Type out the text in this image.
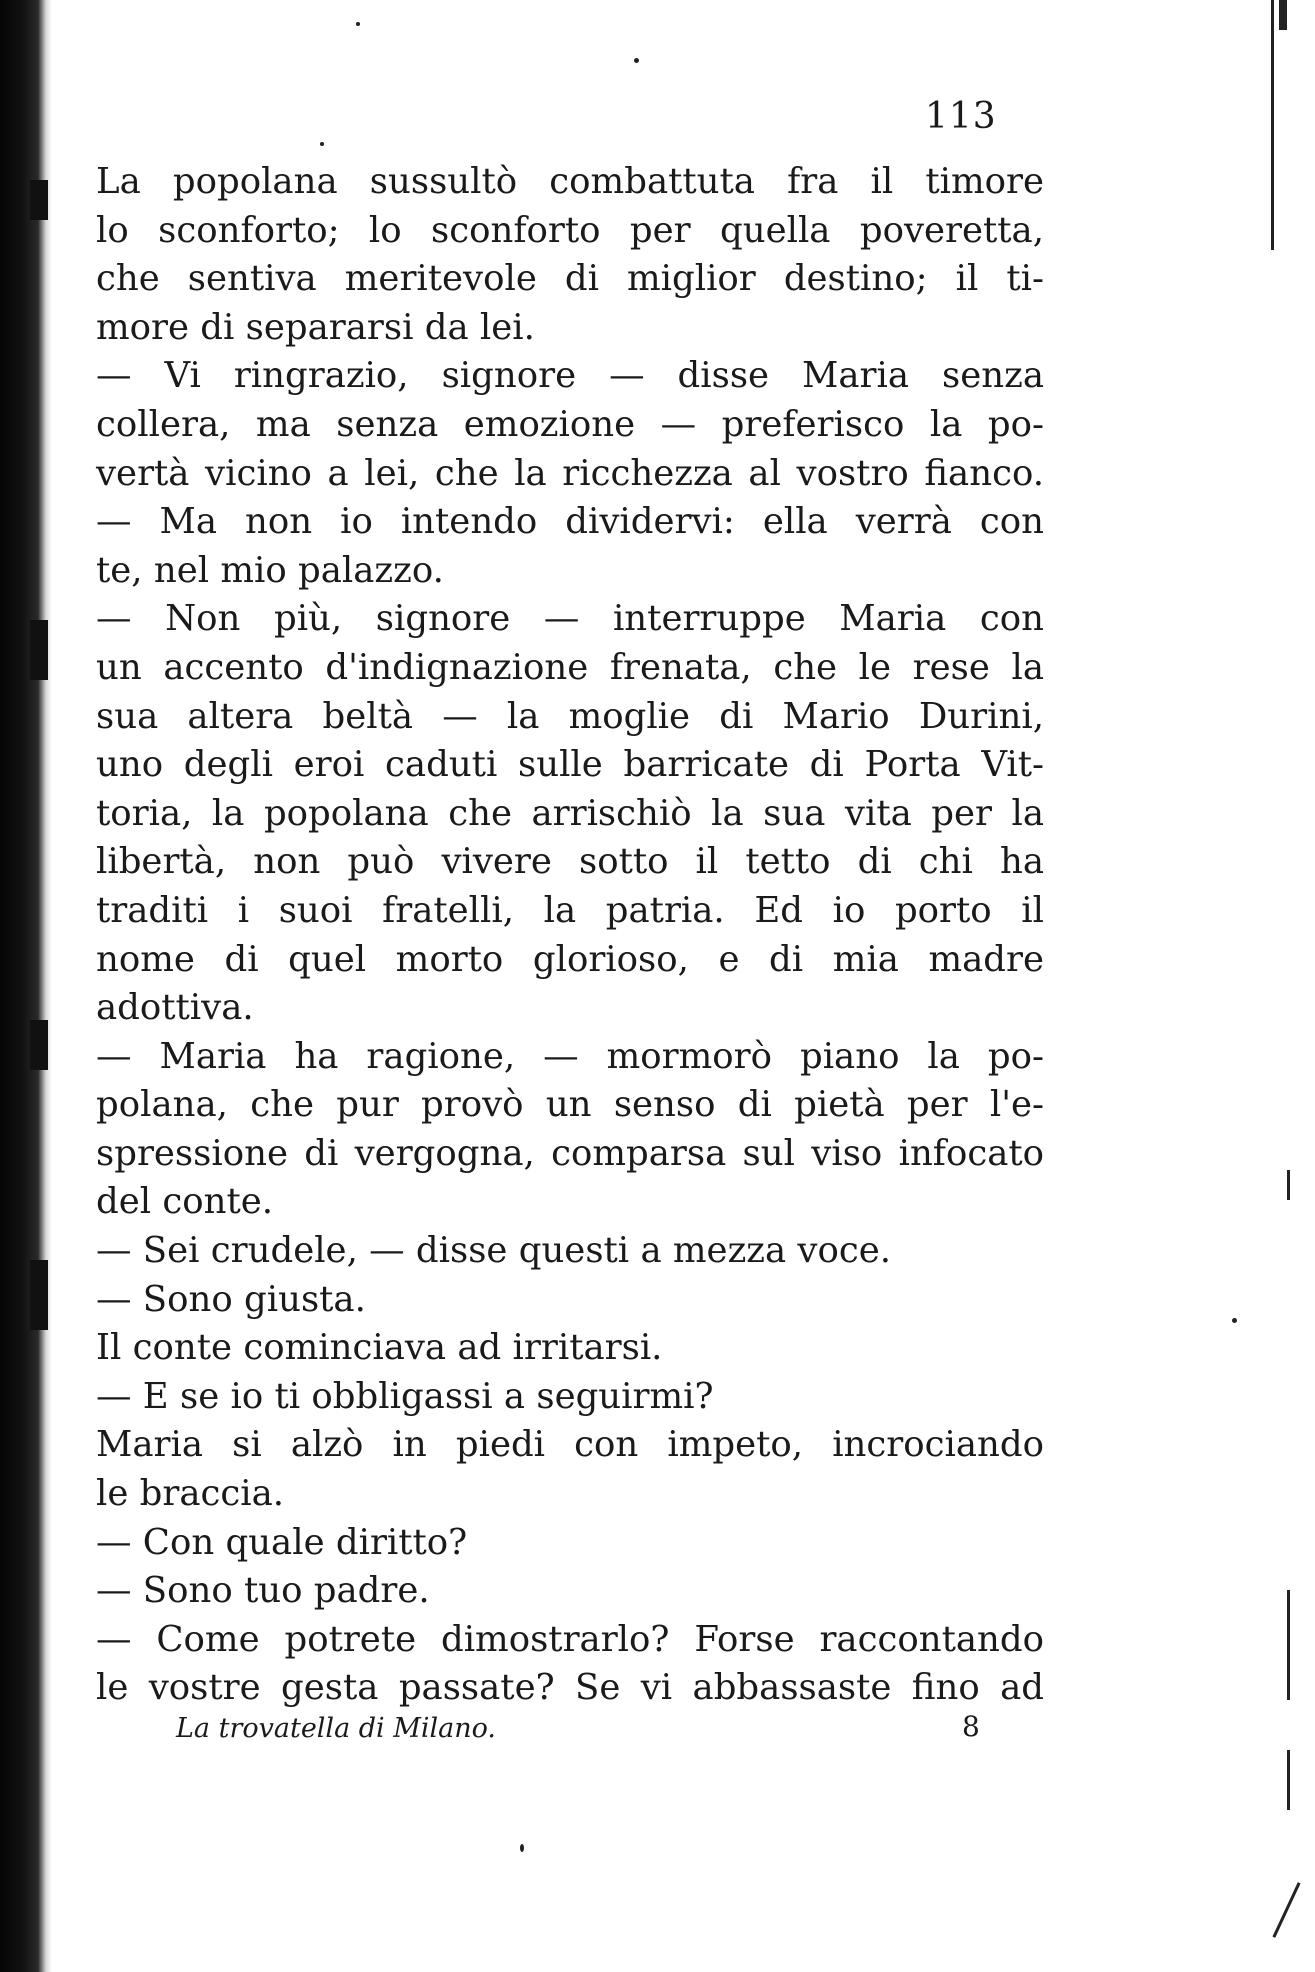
113
La popolana sussultò combattuta fra il timore
lo sconforto; lo sconforto per quella poveretta,
che sentiva meritevole di miglior destino; il ti-
more di separarsi da lei.
— Vi ringrazio, signore — disse Maria senza
collera, ma senza emozione — preferisco la po-
vertà vicino a lei, che la ricchezza al vostro fianco.
— Ma non io intendo dividervi: ella verrà con
te, nel mio palazzo.
— Non più, signore — interruppe Maria con
un accento d'indignazione frenata, che le rese la
sua altera beltà — la moglie di Mario Durini,
uno degli eroi caduti sulle barricate di Porta Vit-
toria, la popolana che arrischiò la sua vita per la
libertà, non può vivere sotto il tetto di chi ha
traditi i suoi fratelli, la patria. Ed io porto il
nome di quel morto glorioso, e di mia madre
adottiva.
— Maria ha ragione, — mormorò piano la po-
polana, che pur provò un senso di pietà per l'e-
spressione di vergogna, comparsa sul viso infocato
del conte.
— Sei crudele, — disse questi a mezza voce.
— Sono giusta.
Il conte cominciava ad irritarsi.
— E se io ti obbligassi a seguirmi?
Maria si alzò in piedi con impeto, incrociando
le braccia.
— Con quale diritto?
— Sono tuo padre.
— Come potrete dimostrarlo? Forse raccontando
le vostre gesta passate? Se vi abbassaste fino ad
La trovatella di Milano.	8
